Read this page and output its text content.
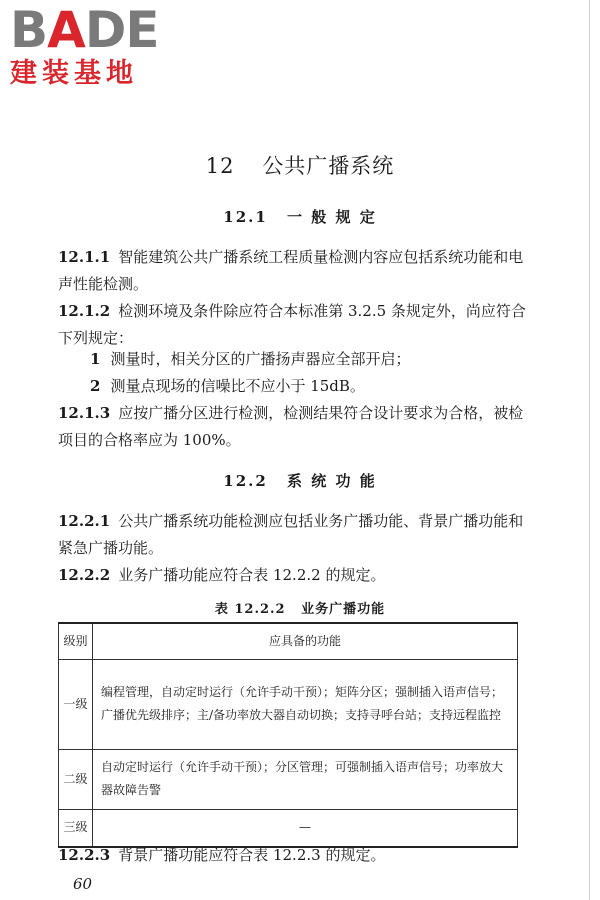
BADE
建装基地
12 公共广播系统
12.1 一 般 规 定

12.1.1 智能建筑公共广播系统工程质量检测内容应包括系统功能和电声性能检测。

12.1.2 检测环境及条件除应符合本标准第 3.2.5 条规定外，尚应符合下列规定：

1 测量时，相关分区的广播扬声器应全部开启；
2 测量点现场的信噪比不应小于 15dB。

12.1.3 应按广播分区进行检测，检测结果符合设计要求为合格，被检项目的合格率应为 100%。

12.2 系 统 功 能

12.2.1 公共广播系统功能检测应包括业务广播功能、背景广播功能和紧急广播功能。

12.2.2 业务广播功能应符合表 12.2.2 的规定。

表 12.2.2 业务广播功能
级别	应具备的功能
一级	编程管理，自动定时运行（允许手动干预）；矩阵分区；强制插入语声信号；广播优先级排序；主/备功率放大器自动切换；支持寻呼台站；支持远程监控
二级	自动定时运行（允许手动干预）；分区管理；可强制插入语声信号；功率放大器故障告警
三级	—

12.2.3 背景广播功能应符合表 12.2.3 的规定。

60
